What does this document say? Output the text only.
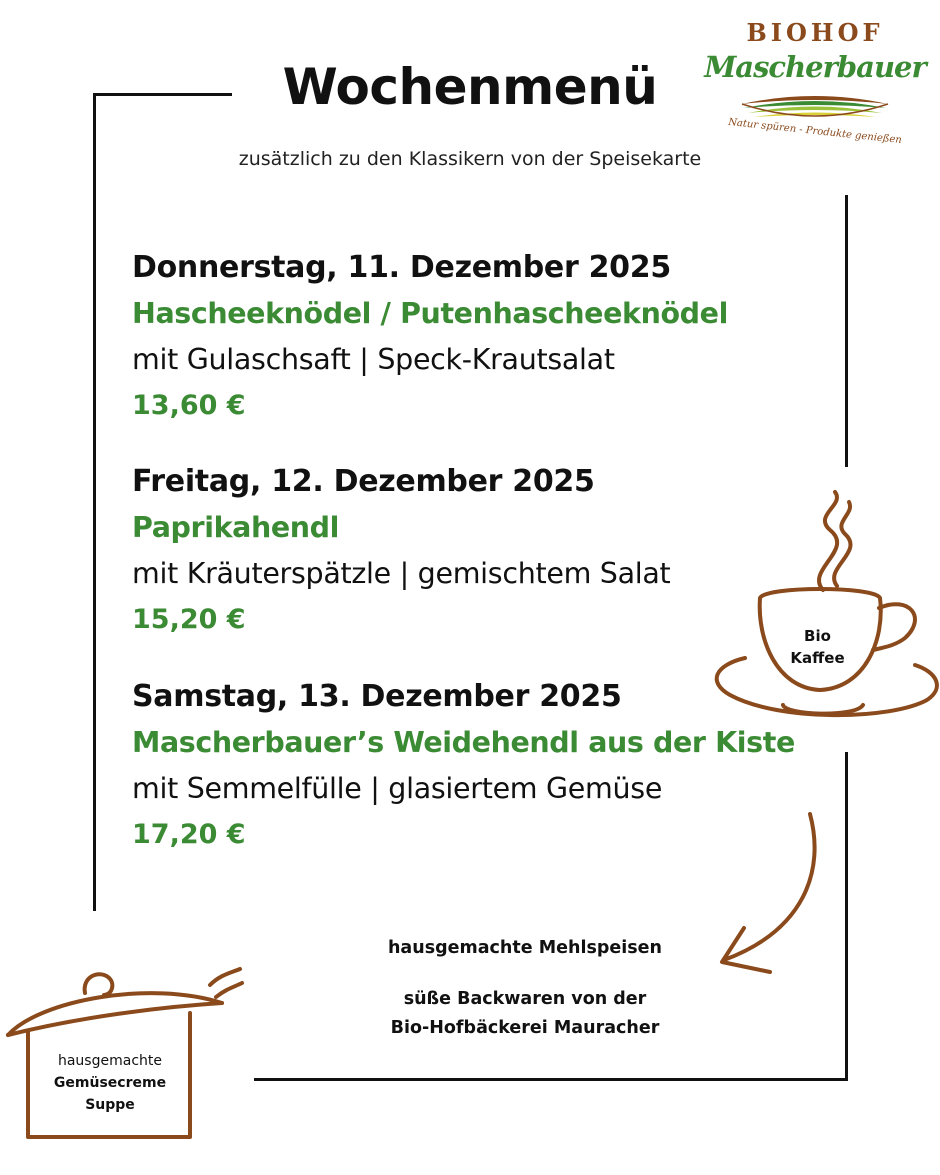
Wochenmenü
zusätzlich zu den Klassikern von der Speisekarte
BIOHOF
Mascherbauer
Natur spüren - Produkte genießen
Donnerstag, 11. Dezember 2025
Hascheeknödel / Putenhascheeknödel
mit Gulaschsaft | Speck-Krautsalat
13,60 €
Freitag, 12. Dezember 2025
Paprikahendl
mit Kräuterspätzle | gemischtem Salat
15,20 €
Samstag, 13. Dezember 2025
Mascherbauer’s Weidehendl aus der Kiste
mit Semmelfülle | glasiertem Gemüse
17,20 €
Bio
Kaffee
hausgemachte Mehlspeisen
süße Backwaren von der
Bio-Hofbäckerei Mauracher
hausgemachte
Gemüsecreme
Suppe
